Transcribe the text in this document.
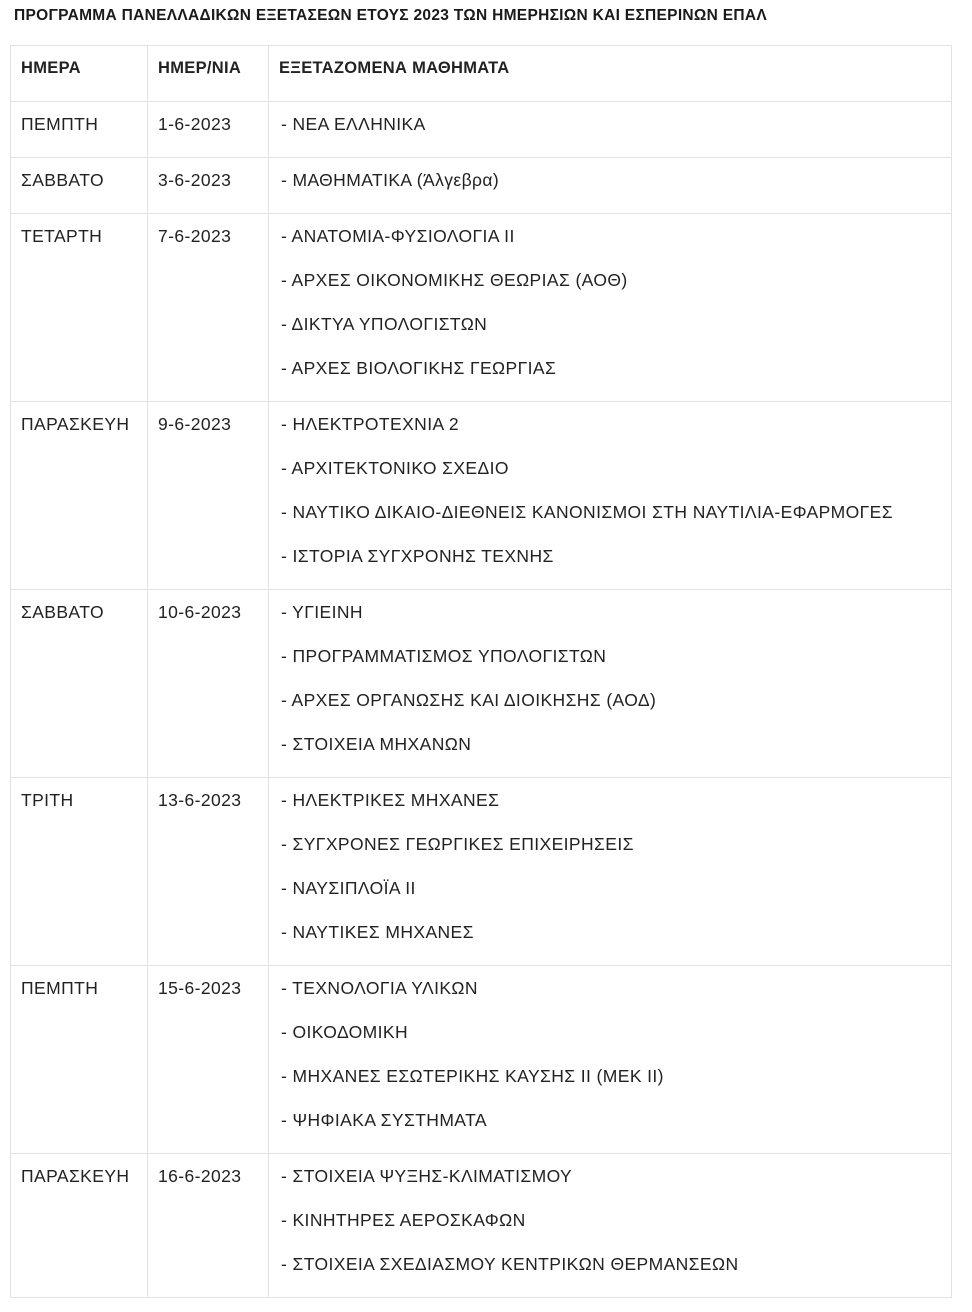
ΠΡΟΓΡΑΜΜΑ ΠΑΝΕΛΛΑΔΙΚΩΝ ΕΞΕΤΑΣΕΩΝ ΕΤΟΥΣ 2023 ΤΩΝ ΗΜΕΡΗΣΙΩΝ ΚΑΙ ΕΣΠΕΡΙΝΩΝ ΕΠΑΛ
ΗΜΕΡΑ	ΗΜΕΡ/ΝΙΑ	ΕΞΕΤΑΖΟΜΕΝΑ ΜΑΘΗΜΑΤΑ
ΠΕΜΠΤΗ	1-6-2023	- ΝΕΑ ΕΛΛΗΝΙΚΑ

ΣΑΒΒΑΤΟ	3-6-2023	- ΜΑΘΗΜΑΤΙΚΑ (Άλγεβρα)

ΤΕΤΑΡΤΗ	7-6-2023	- ΑΝΑΤΟΜΙΑ-ΦΥΣΙΟΛΟΓΙΑ ΙΙ
- ΑΡΧΕΣ ΟΙΚΟΝΟΜΙΚΗΣ ΘΕΩΡΙΑΣ (ΑΟΘ)
- ΔΙΚΤΥΑ ΥΠΟΛΟΓΙΣΤΩΝ
- ΑΡΧΕΣ ΒΙΟΛΟΓΙΚΗΣ ΓΕΩΡΓΙΑΣ

ΠΑΡΑΣΚΕΥΗ	9-6-2023	- ΗΛΕΚΤΡΟΤΕΧΝΙΑ 2
- ΑΡΧΙΤΕΚΤΟΝΙΚΟ ΣΧΕΔΙΟ
- ΝΑΥΤΙΚΟ ΔΙΚΑΙΟ-ΔΙΕΘΝΕΙΣ ΚΑΝΟΝΙΣΜΟΙ ΣΤΗ ΝΑΥΤΙΛΙΑ-ΕΦΑΡΜΟΓΕΣ
- ΙΣΤΟΡΙΑ ΣΥΓΧΡΟΝΗΣ ΤΕΧΝΗΣ

ΣΑΒΒΑΤΟ	10-6-2023	- ΥΓΙΕΙΝΗ
- ΠΡΟΓΡΑΜΜΑΤΙΣΜΟΣ ΥΠΟΛΟΓΙΣΤΩΝ
- ΑΡΧΕΣ ΟΡΓΑΝΩΣΗΣ ΚΑΙ ΔΙΟΙΚΗΣΗΣ (ΑΟΔ)
- ΣΤΟΙΧΕΙΑ ΜΗΧΑΝΩΝ

ΤΡΙΤΗ	13-6-2023	- ΗΛΕΚΤΡΙΚΕΣ ΜΗΧΑΝΕΣ
- ΣΥΓΧΡΟΝΕΣ ΓΕΩΡΓΙΚΕΣ ΕΠΙΧΕΙΡΗΣΕΙΣ
- ΝΑΥΣΙΠΛΟΪΑ ΙΙ
- ΝΑΥΤΙΚΕΣ ΜΗΧΑΝΕΣ

ΠΕΜΠΤΗ	15-6-2023	- ΤΕΧΝΟΛΟΓΙΑ ΥΛΙΚΩΝ
- ΟΙΚΟΔΟΜΙΚΗ
- ΜΗΧΑΝΕΣ ΕΣΩΤΕΡΙΚΗΣ ΚΑΥΣΗΣ ΙΙ (ΜΕΚ ΙΙ)
- ΨΗΦΙΑΚΑ ΣΥΣΤΗΜΑΤΑ

ΠΑΡΑΣΚΕΥΗ	16-6-2023	- ΣΤΟΙΧΕΙΑ ΨΥΞΗΣ-ΚΛΙΜΑΤΙΣΜΟΥ
- ΚΙΝΗΤΗΡΕΣ ΑΕΡΟΣΚΑΦΩΝ
- ΣΤΟΙΧΕΙΑ ΣΧΕΔΙΑΣΜΟΥ ΚΕΝΤΡΙΚΩΝ ΘΕΡΜΑΝΣΕΩΝ
